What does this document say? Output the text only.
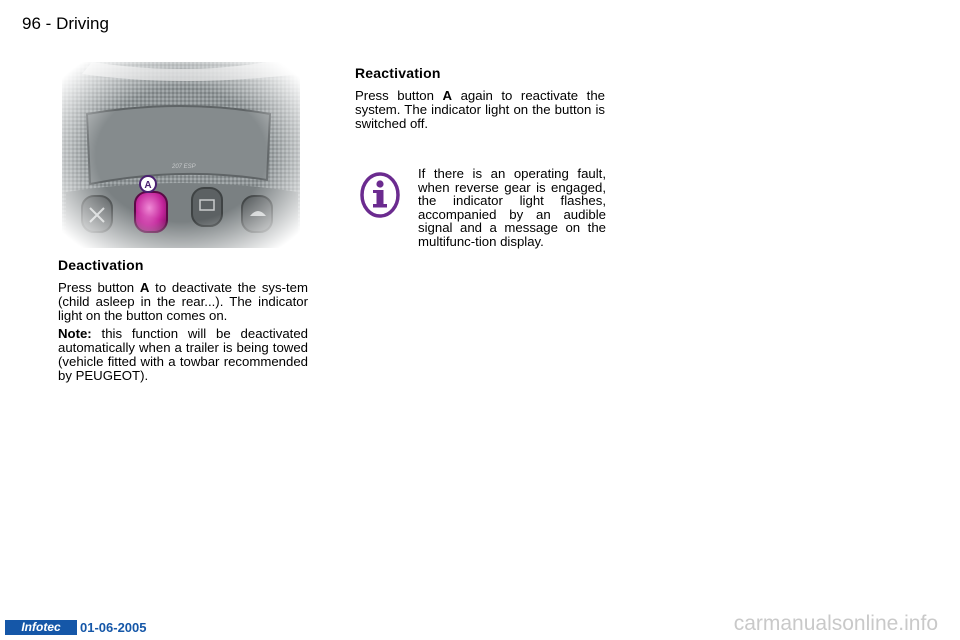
96 - Driving
Deactivation

Press button A to deactivate the sys-tem (child asleep in the rear...). The indicator light on the button comes on.

Note: this function will be deactivated automatically when a trailer is being towed (vehicle fitted with a towbar recommended by PEUGEOT).

Reactivation

Press button A again to reactivate the system. The indicator light on the button is switched off.

If there is an operating fault, when reverse gear is engaged, the indicator light flashes, accompanied by an audible signal and a message on the multifunc-tion display.
Infotec	01-06-2005	carmanualsonline.info
